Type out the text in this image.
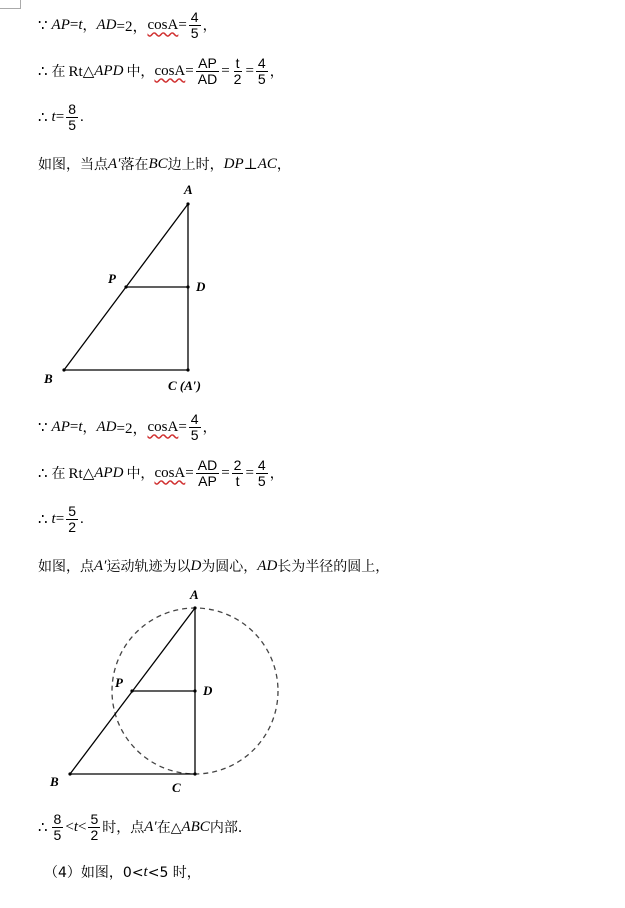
∵ AP = t ， AD =2， $\cos A = \frac{4}{5}$ ，
∴ 在 Rt△ APD 中， $\cos A = \frac{AP}{AD} = \frac{t}{2} = \frac{4}{5}$ ，
∴ $t = \frac{8}{5}$ .
如图，当点 A′ 落在 BC 边上时， DP ⊥ AC ，
A
P
D
B	C (A′)
∵ AP = t ， AD =2， $\cos A = \frac{4}{5}$ ，
∴ 在 Rt△ APD 中， $\cos A = \frac{AD}{AP} = \frac{2}{t} = \frac{4}{5}$ ，
∴ $t = \frac{5}{2}$ .
如图，点 A′ 运动轨迹为以 D 为圆心， AD 长为半径的圆上，
A
P
D
B	C
∴ $\frac{8}{5} < t < \frac{5}{2}$ 时，点 A′ 在△ ABC 内部．
（4）如图，0< t <5 时，
